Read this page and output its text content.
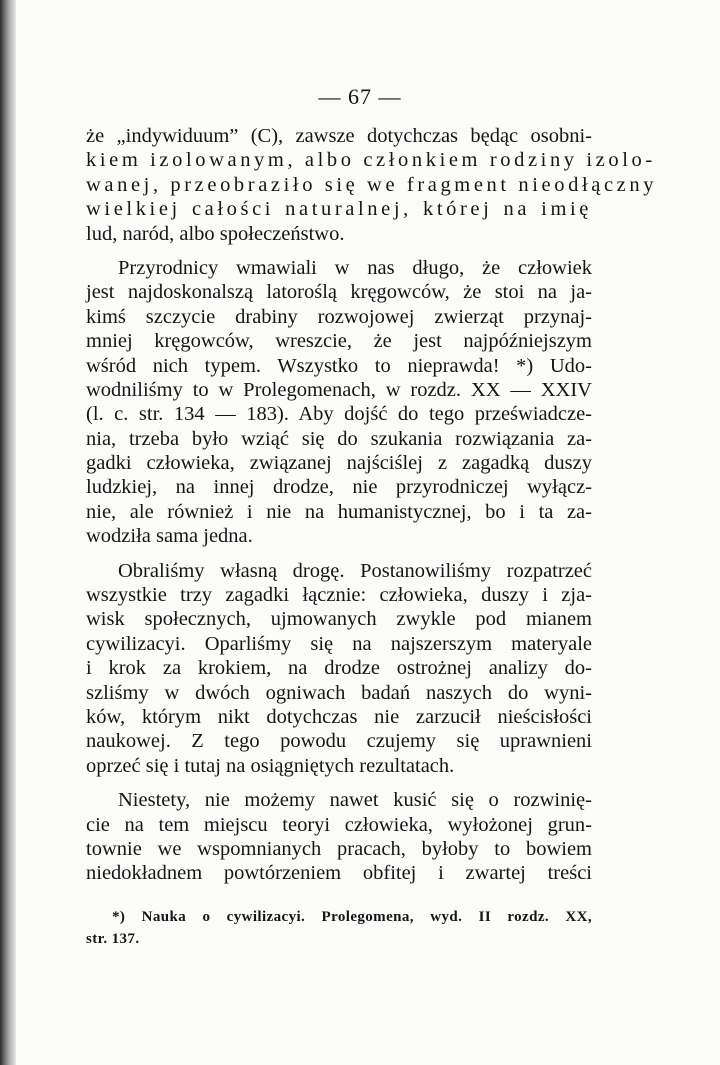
— 67 —
że „indywiduum” (C), zawsze dotychczas będąc osobni‑
kiem izolowanym, albo członkiem rodziny izolo‑
wanej, przeobraziło się we fragment nieodłączny
wielkiej całości naturalnej, której na imię
lud, naród, albo społeczeństwo.
Przyrodnicy wmawiali w nas długo, że człowiek
jest najdoskonalszą latoroślą kręgowców, że stoi na ja‑
kimś szczycie drabiny rozwojowej zwierząt przynaj‑
mniej kręgowców, wreszcie, że jest najpóźniejszym
wśród nich typem. Wszystko to nieprawda! *) Udo‑
wodniliśmy to w Prolegomenach, w rozdz. XX — XXIV
(l. c. str. 134 — 183). Aby dojść do tego przeświadcze‑
nia, trzeba było wziąć się do szukania rozwiązania za‑
gadki człowieka, związanej najściślej z zagadką duszy
ludzkiej, na innej drodze, nie przyrodniczej wyłącz‑
nie, ale również i nie na humanistycznej, bo i ta za‑
wodziła sama jedna.
Obraliśmy własną drogę. Postanowiliśmy rozpatrzeć
wszystkie trzy zagadki łącznie: człowieka, duszy i zja‑
wisk społecznych, ujmowanych zwykle pod mianem
cywilizacyi. Oparliśmy się na najszerszym materyale
i krok za krokiem, na drodze ostrożnej analizy do‑
szliśmy w dwóch ogniwach badań naszych do wyni‑
ków, którym nikt dotychczas nie zarzucił nieścisłości
naukowej. Z tego powodu czujemy się uprawnieni
oprzeć się i tutaj na osiągniętych rezultatach.
Niestety, nie możemy nawet kusić się o rozwinię‑
cie na tem miejscu teoryi człowieka, wyłożonej grun‑
townie we wspomnianych pracach, byłoby to bowiem
niedokładnem powtórzeniem obfitej i zwartej treści
*) Nauka o cywilizacyi. Prolegomena, wyd. II rozdz. XX,
str. 137.
